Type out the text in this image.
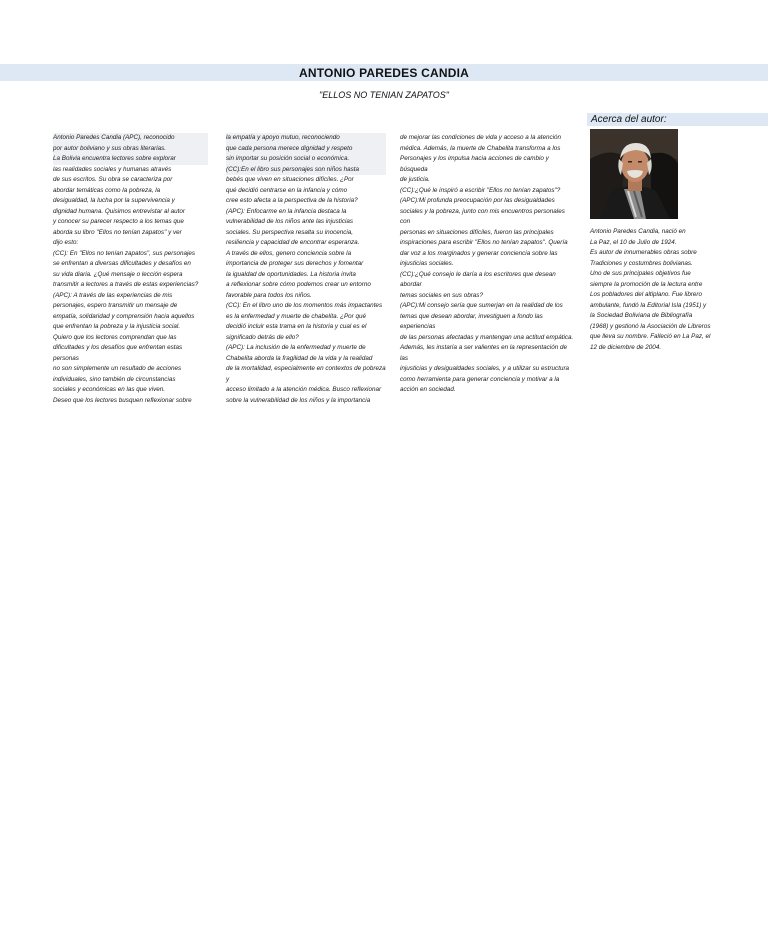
ANTONIO PAREDES CANDIA
"ELLOS NO TENIAN ZAPATOS"
Acerca del autor:

Antonio Paredes Candia (APC), reconocido

por autor boliviano y sus obras literarias.

La Bolivia encuentra lectores sobre explorar

las realidades sociales y humanas através

de sus escritos. Su obra se caracteriza por

abordar temáticas como la pobreza, la

desigualdad, la lucha por la supervivencia y

dignidad humana. Quisimos entrevistar al autor

y conocer su parecer respecto a los temas que

aborda su libro "Ellos no tenían zapatos" y ver

dijo esto:

(CC): En "Ellos no tenían zapatos", sus personajes

se enfrentan a diversas dificultades y desafíos en

su vida diaria. ¿Qué mensaje o lección espera

transmitir a lectores a través de estas experiencias?

(APC): A través de las experiencias de mis

personajes, espero transmitir un mensaje de

empatía, solidaridad y comprensión hacia aquellos

que enfrentan la pobreza y la injusticia social.

Quiero que los lectores comprendan que las

dificultades y los desafíos que enfrentan estas personas

no son simplemente un resultado de acciones

individuales, sino también de circunstancias

sociales y económicas en las que viven.

Deseo que los lectores busquen reflexionar sobre

la empatía y apoyo mutuo, reconociendo

que cada persona merece dignidad y respeto

sin importar su posición social o económica.

(CC):En el libro sus personajes son niños hasta

bebés que viven en situaciones difíciles. ¿Por

qué decidió centrarse en la infancia y cómo

cree esto afecta a la perspectiva de la historia?

(APC): Enfocarme en la infancia destaca la

vulnerabilidad de los niños ante las injusticias

sociales. Su perspectiva resalta su inocencia,

resiliencia y capacidad de encontrar esperanza.

A través de ellos, genero conciencia sobre la

importancia de proteger sus derechos y fomentar

la igualdad de oportunidades. La historia invita

a reflexionar sobre cómo podemos crear un entorno

favorable para todos los niños.

(CC): En el libro uno de los momentos más impactantes

es la enfermedad y muerte de chabelita. ¿Por qué

decidió incluir esta trama en la historia y cual es el

significado detrás de ello?

(APC): La inclusión de la enfermedad y muerte de

Chabelita aborda la fragilidad de la vida y la realidad

de la mortalidad, especialmente en contextos de pobreza y

acceso limitado a la atención médica. Busco reflexionar

sobre la vulnerabilidad de los niños y la importancia

de mejorar las condiciones de vida y acceso a la atención

médica. Además, la muerte de Chabelita transforma a los

Personajes y los impulsa hacia acciones de cambio y búsqueda

de justicia.

(CC):¿Qué le inspiró a escribir "Ellos no tenían zapatos"?

(APC):Mi profunda preocupación por las desigualdades

sociales y la pobreza, junto con mis encuentros personales con

personas en situaciones difíciles, fueron las principales

inspiraciones para escribir "Ellos no tenían zapatos". Quería

dar voz a los marginados y generar conciencia sobre las

injusticias sociales.

(CC):¿Qué consejo le daría a los escritores que desean abordar

temas sociales en sus obras?

(APC):Mi consejo sería que sumerjan en la realidad de los

temas que desean abordar, investiguen a fondo las experiencias

de las personas afectadas y mantengan una actitud empática.

Además, les instaría a ser valientes en la representación de las

injusticias y desigualdades sociales, y a utilizar su estructura

como herramienta para generar conciencia y motivar a la

acción en sociedad.

Antonio Paredes Candia, nació en

La Paz, el 10 de Julio de 1924.

Es autor de innumerables obras sobre

Tradiciones y costumbres bolivianas.

Uno de sus principales objetivos fue

siempre la promoción de la lectura entre

Los pobladores del altiplano. Fue librero

ambulante, fundó la Editorial Isla (1951) y

la Sociedad Boliviana de Bibliografía

(1968) y gestionó la Asociación de Libreros

que lleva su nombre. Falleció en La Paz, el

12 de diciembre de 2004.
